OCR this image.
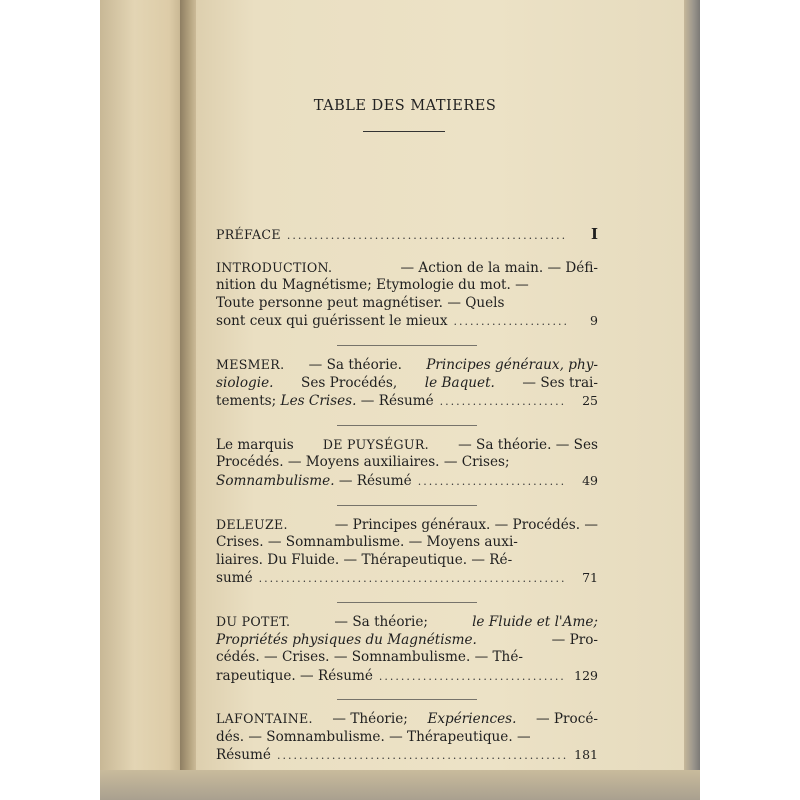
TABLE DES MATIERES
PRÉFACE .....	I
INTRODUCTION.	— Action de la main. — Défi-
nition du Magnétisme; Etymologie du mot. —
Toute personne peut magnétiser. — Quels
sont ceux qui guérissent le mieux .....	9
MESMER. — Sa théorie. Principes généraux, phy-
siologie. Ses Procédés, le Baquet. — Ses trai-
tements; Les Crises. — Résumé .....	25
Le marquis DE PUYSÉGUR. — Sa théorie. — Ses
Procédés. — Moyens auxiliaires. — Crises;
Somnambulisme. — Résumé .....	49
DELEUZE.	— Principes généraux. — Procédés. —
Crises. — Somnambulisme. — Moyens auxi-
liaires. Du Fluide. — Thérapeutique. — Ré-
sumé .....	71
DU POTET.	— Sa théorie;	le Fluide et l'Ame;
Propriétés physiques du Magnétisme.	— Pro-
cédés. — Crises. — Somnambulisme. — Thé-
rapeutique. — Résumé .....	129
LAFONTAINE. — Théorie; Expériences. — Procé-
dés. — Somnambulisme. — Thérapeutique. —
Résumé .....	181
